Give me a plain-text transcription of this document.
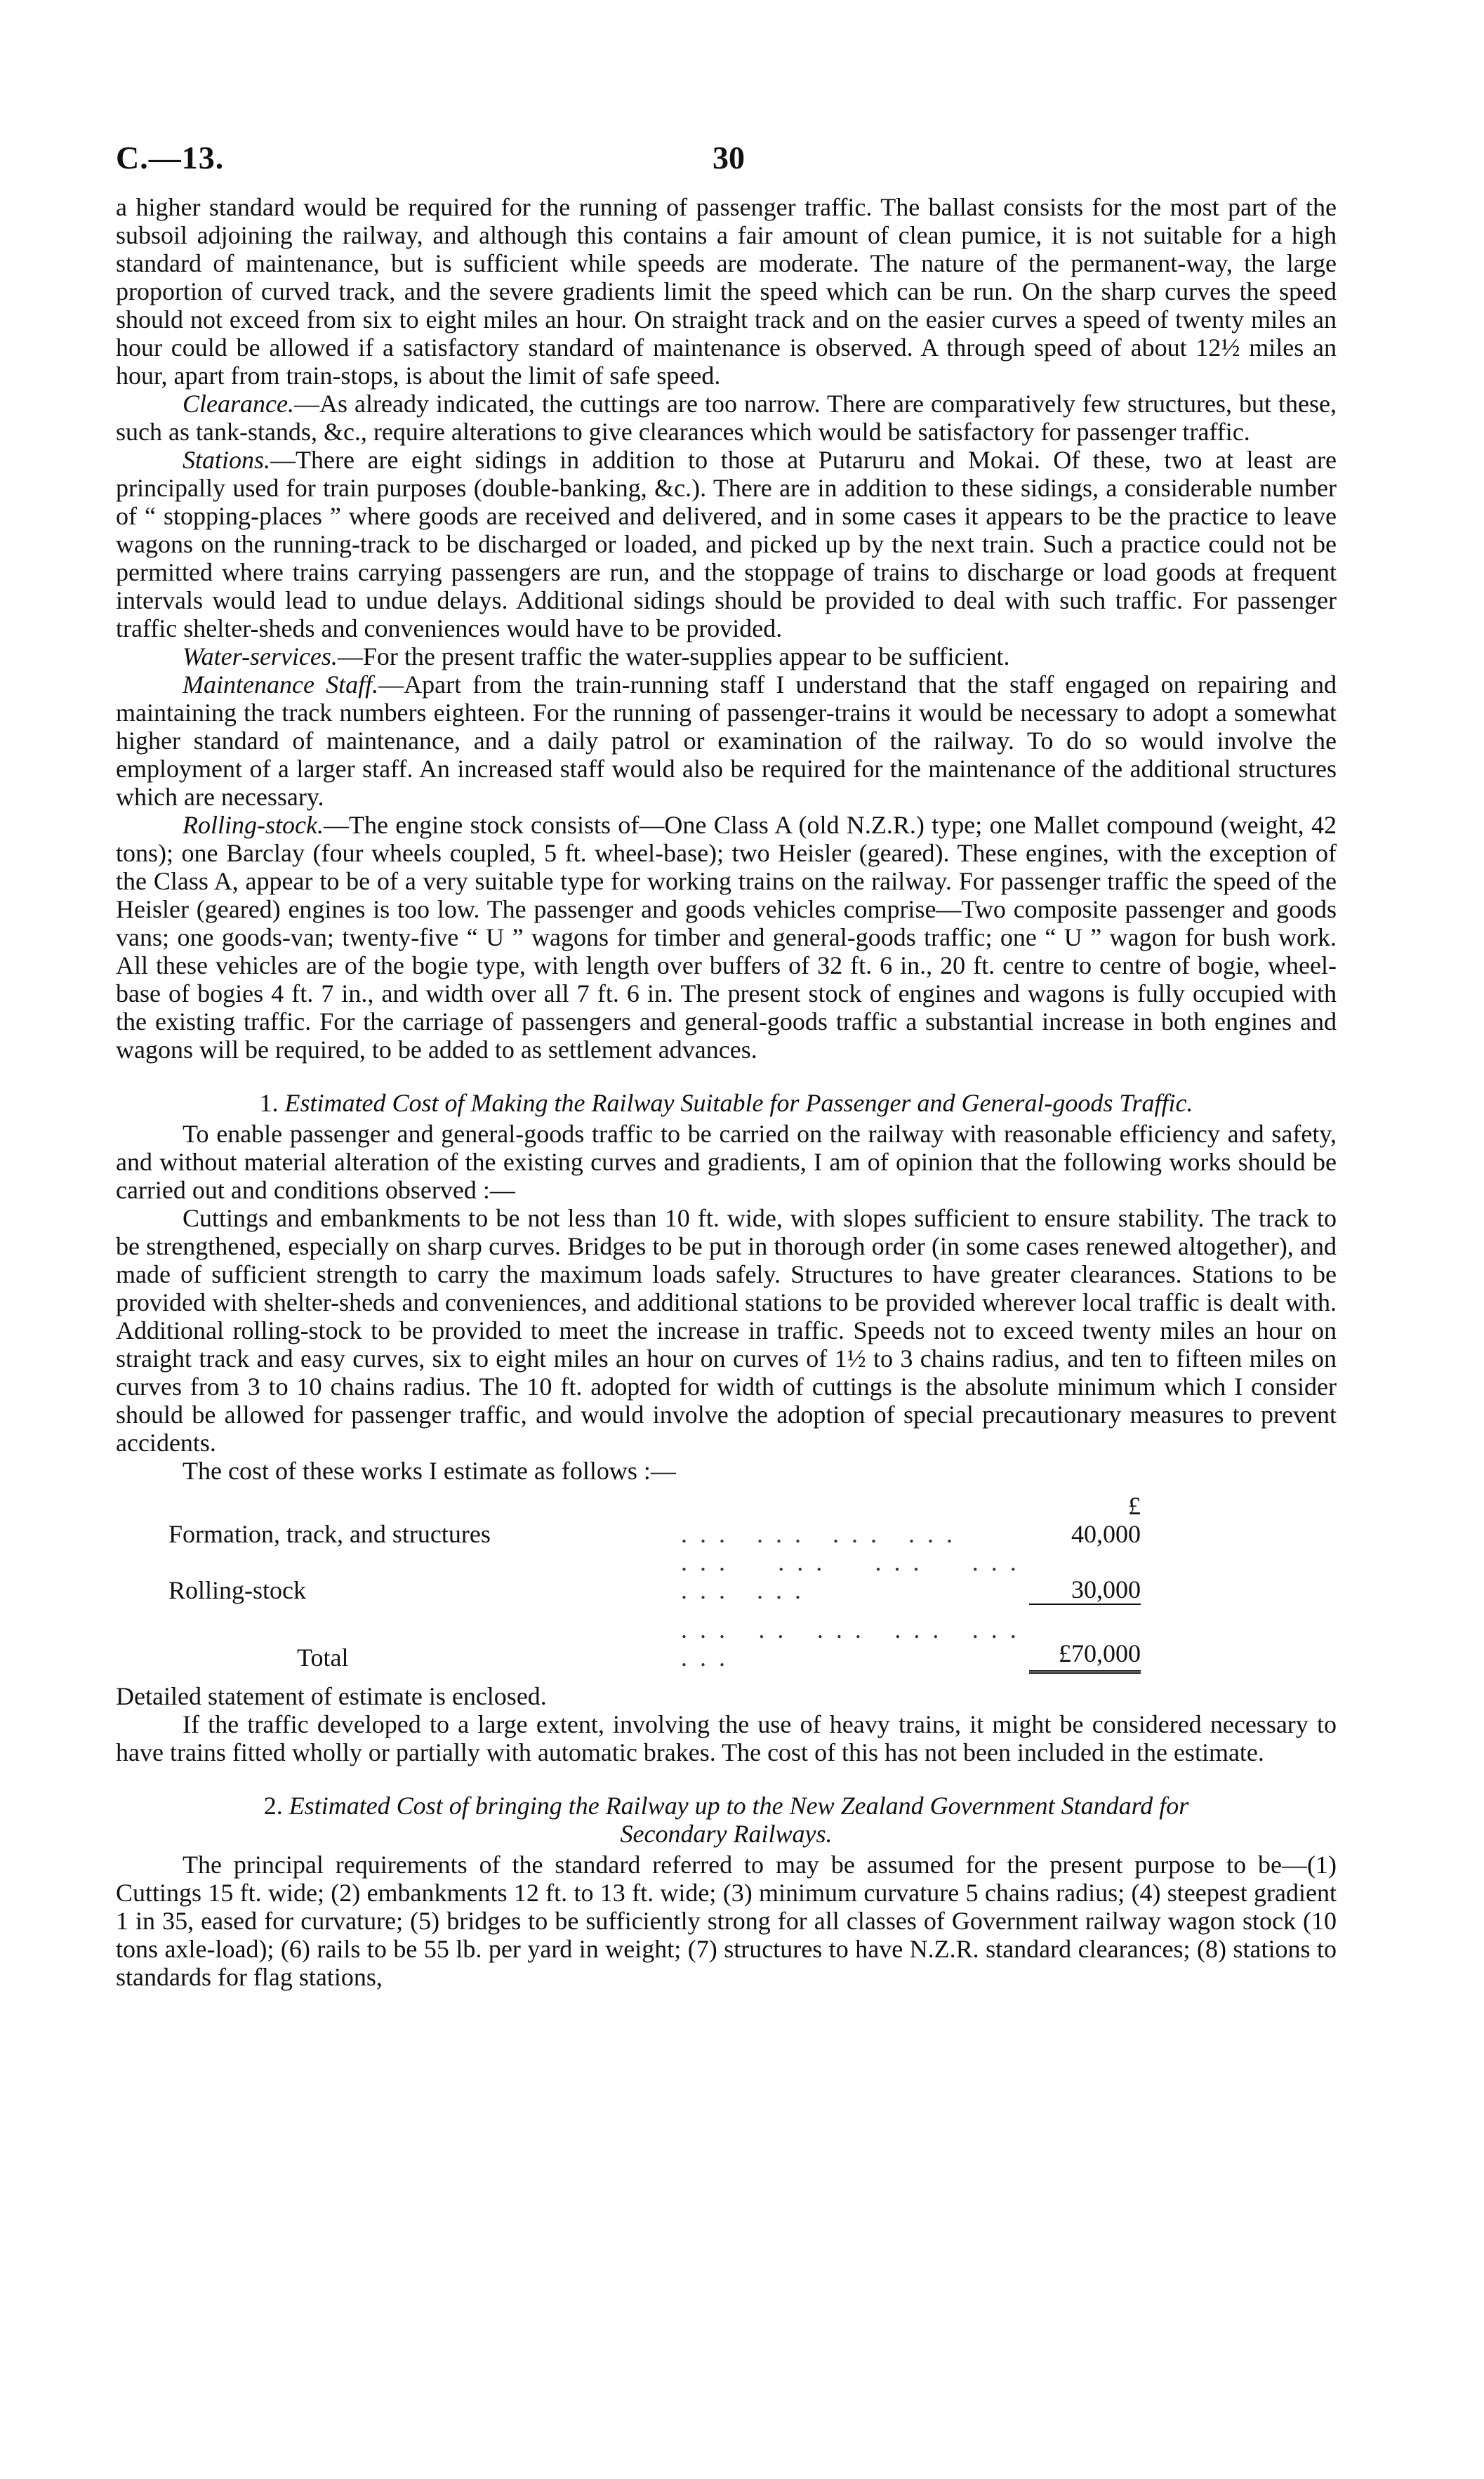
C.—13.	30

a higher standard would be required for the running of passenger traffic. The ballast consists for the most part of the subsoil adjoining the railway, and although this contains a fair amount of clean pumice, it is not suitable for a high standard of maintenance, but is sufficient while speeds are moderate. The nature of the permanent-way, the large proportion of curved track, and the severe gradients limit the speed which can be run. On the sharp curves the speed should not exceed from six to eight miles an hour. On straight track and on the easier curves a speed of twenty miles an hour could be allowed if a satisfactory standard of maintenance is observed. A through speed of about 12½ miles an hour, apart from train-stops, is about the limit of safe speed.

Clearance.—As already indicated, the cuttings are too narrow. There are comparatively few structures, but these, such as tank-stands, &c., require alterations to give clearances which would be satisfactory for passenger traffic.

Stations.—There are eight sidings in addition to those at Putaruru and Mokai. Of these, two at least are principally used for train purposes (double-banking, &c.). There are in addition to these sidings, a considerable number of “ stopping-places ” where goods are received and delivered, and in some cases it appears to be the practice to leave wagons on the running-track to be discharged or loaded, and picked up by the next train. Such a practice could not be permitted where trains carrying passengers are run, and the stoppage of trains to discharge or load goods at frequent intervals would lead to undue delays. Additional sidings should be provided to deal with such traffic. For passenger traffic shelter-sheds and conveniences would have to be provided.

Water-services.—For the present traffic the water-supplies appear to be sufficient.

Maintenance Staff.—Apart from the train-running staff I understand that the staff engaged on repairing and maintaining the track numbers eighteen. For the running of passenger-trains it would be necessary to adopt a somewhat higher standard of maintenance, and a daily patrol or examination of the railway. To do so would involve the employment of a larger staff. An increased staff would also be required for the maintenance of the additional structures which are necessary.

Rolling-stock.—The engine stock consists of—One Class A (old N.Z.R.) type; one Mallet compound (weight, 42 tons); one Barclay (four wheels coupled, 5 ft. wheel-base); two Heisler (geared). These engines, with the exception of the Class A, appear to be of a very suitable type for working trains on the railway. For passenger traffic the speed of the Heisler (geared) engines is too low. The passenger and goods vehicles comprise—Two composite passenger and goods vans; one goods-van; twenty-five “ U ” wagons for timber and general-goods traffic; one “ U ” wagon for bush work. All these vehicles are of the bogie type, with length over buffers of 32 ft. 6 in., 20 ft. centre to centre of bogie, wheel-base of bogies 4 ft. 7 in., and width over all 7 ft. 6 in. The present stock of engines and wagons is fully occupied with the existing traffic. For the carriage of passengers and general-goods traffic a substantial increase in both engines and wagons will be required, to be added to as settlement advances.

1. Estimated Cost of Making the Railway Suitable for Passenger and General-goods Traffic.

To enable passenger and general-goods traffic to be carried on the railway with reasonable efficiency and safety, and without material alteration of the existing curves and gradients, I am of opinion that the following works should be carried out and conditions observed :—

Cuttings and embankments to be not less than 10 ft. wide, with slopes sufficient to ensure stability. The track to be strengthened, especially on sharp curves. Bridges to be put in thorough order (in some cases renewed altogether), and made of sufficient strength to carry the maximum loads safely. Structures to have greater clearances. Stations to be provided with shelter-sheds and conveniences, and additional stations to be provided wherever local traffic is dealt with. Additional rolling-stock to be provided to meet the increase in traffic. Speeds not to exceed twenty miles an hour on straight track and easy curves, six to eight miles an hour on curves of 1½ to 3 chains radius, and ten to fifteen miles on curves from 3 to 10 chains radius. The 10 ft. adopted for width of cuttings is the absolute minimum which I consider should be allowed for passenger traffic, and would involve the adoption of special precautionary measures to prevent accidents.

The cost of these works I estimate as follows :—

		£
Formation, track, and structures	... ... ... ...	40,000
Rolling-stock	... ... ... ... ... ...	30,000
Total	... .. ... ... ... ...	£70,000

Detailed statement of estimate is enclosed.

If the traffic developed to a large extent, involving the use of heavy trains, it might be considered necessary to have trains fitted wholly or partially with automatic brakes. The cost of this has not been included in the estimate.

2. Estimated Cost of bringing the Railway up to the New Zealand Government Standard for
Secondary Railways.

The principal requirements of the standard referred to may be assumed for the present purpose to be—(1) Cuttings 15 ft. wide; (2) embankments 12 ft. to 13 ft. wide; (3) minimum curvature 5 chains radius; (4) steepest gradient 1 in 35, eased for curvature; (5) bridges to be sufficiently strong for all classes of Government railway wagon stock (10 tons axle-load); (6) rails to be 55 lb. per yard in weight; (7) structures to have N.Z.R. standard clearances; (8) stations to standards for flag stations,
